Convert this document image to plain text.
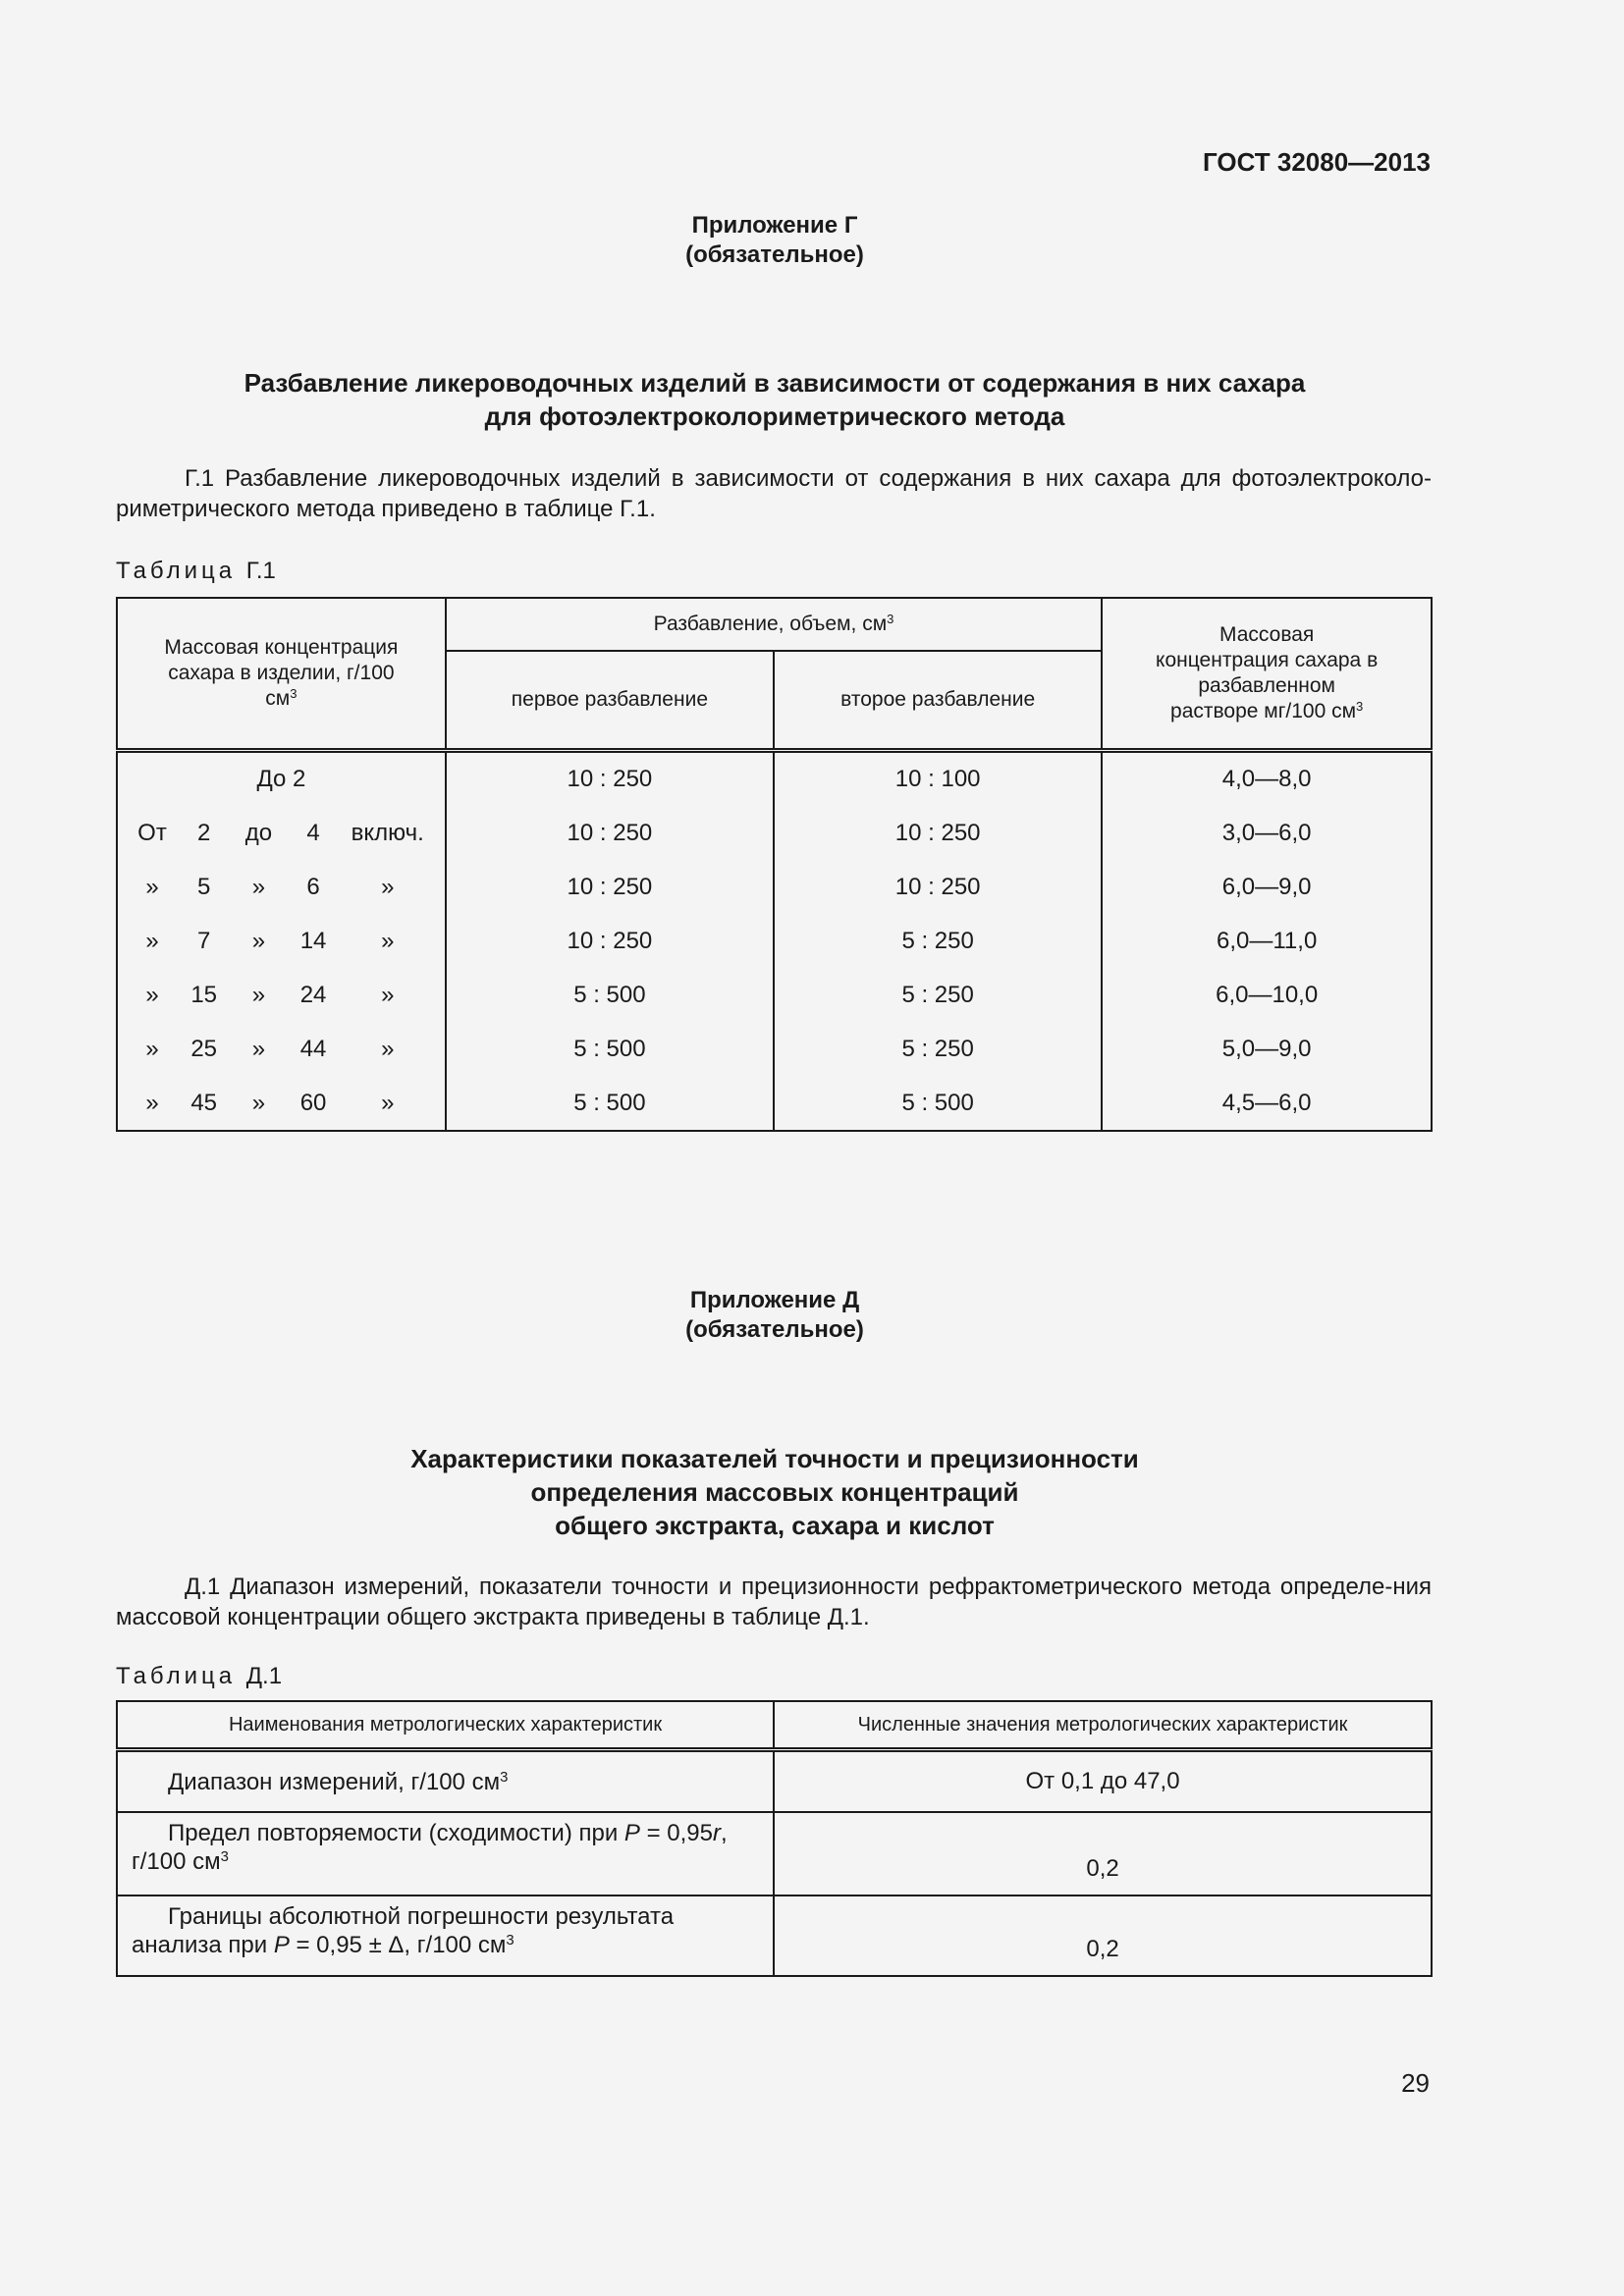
ГОСТ 32080—2013
Приложение Г
(обязательное)
Разбавление ликероводочных изделий в зависимости от содержания в них сахара
для фотоэлектроколориметрического метода
Г.1 Разбавление ликероводочных изделий в зависимости от содержания в них сахара для фотоэлектроколо-риметрического метода приведено в таблице Г.1.
Таблица Г.1
Массовая концентрация сахара в изделии, г/100 $см^3$	Разбавление, объем, $см^3$		Массовая концентрация сахара в разбавленном растворе мг/100 $см^3$
	первое разбавление	второе разбавление	
До 2	10 : 250	10 : 100	4,0—8,0

От 2 до 4 включ.	10 : 250	10 : 250	3,0—6,0

» 5 » 6 »	10 : 250	10 : 250	6,0—9,0

» 7 » 14 »	10 : 250	5 : 250	6,0—11,0

» 15 » 24 »	5 : 500	5 : 250	6,0—10,0

» 25 » 44 »	5 : 500	5 : 250	5,0—9,0

» 45 » 60 »	5 : 500	5 : 500	4,5—6,0
Приложение Д
(обязательное)
Характеристики показателей точности и прецизионности
определения массовых концентраций
общего экстракта, сахара и кислот
Д.1 Диапазон измерений, показатели точности и прецизионности рефрактометрического метода определе-ния массовой концентрации общего экстракта приведены в таблице Д.1.
Таблица Д.1
Наименования метрологических характеристик	Численные значения метрологических характеристик

Диапазон измерений, г/100 $см^3$	От 0,1 до 47,0

Предел повторяемости (сходимости) при P = 0,95r,
г/100 $см^3$	0,2

Границы абсолютной погрешности результата
анализа при P = 0,95 ± Δ, г/100 $см^3$	0,2
29
